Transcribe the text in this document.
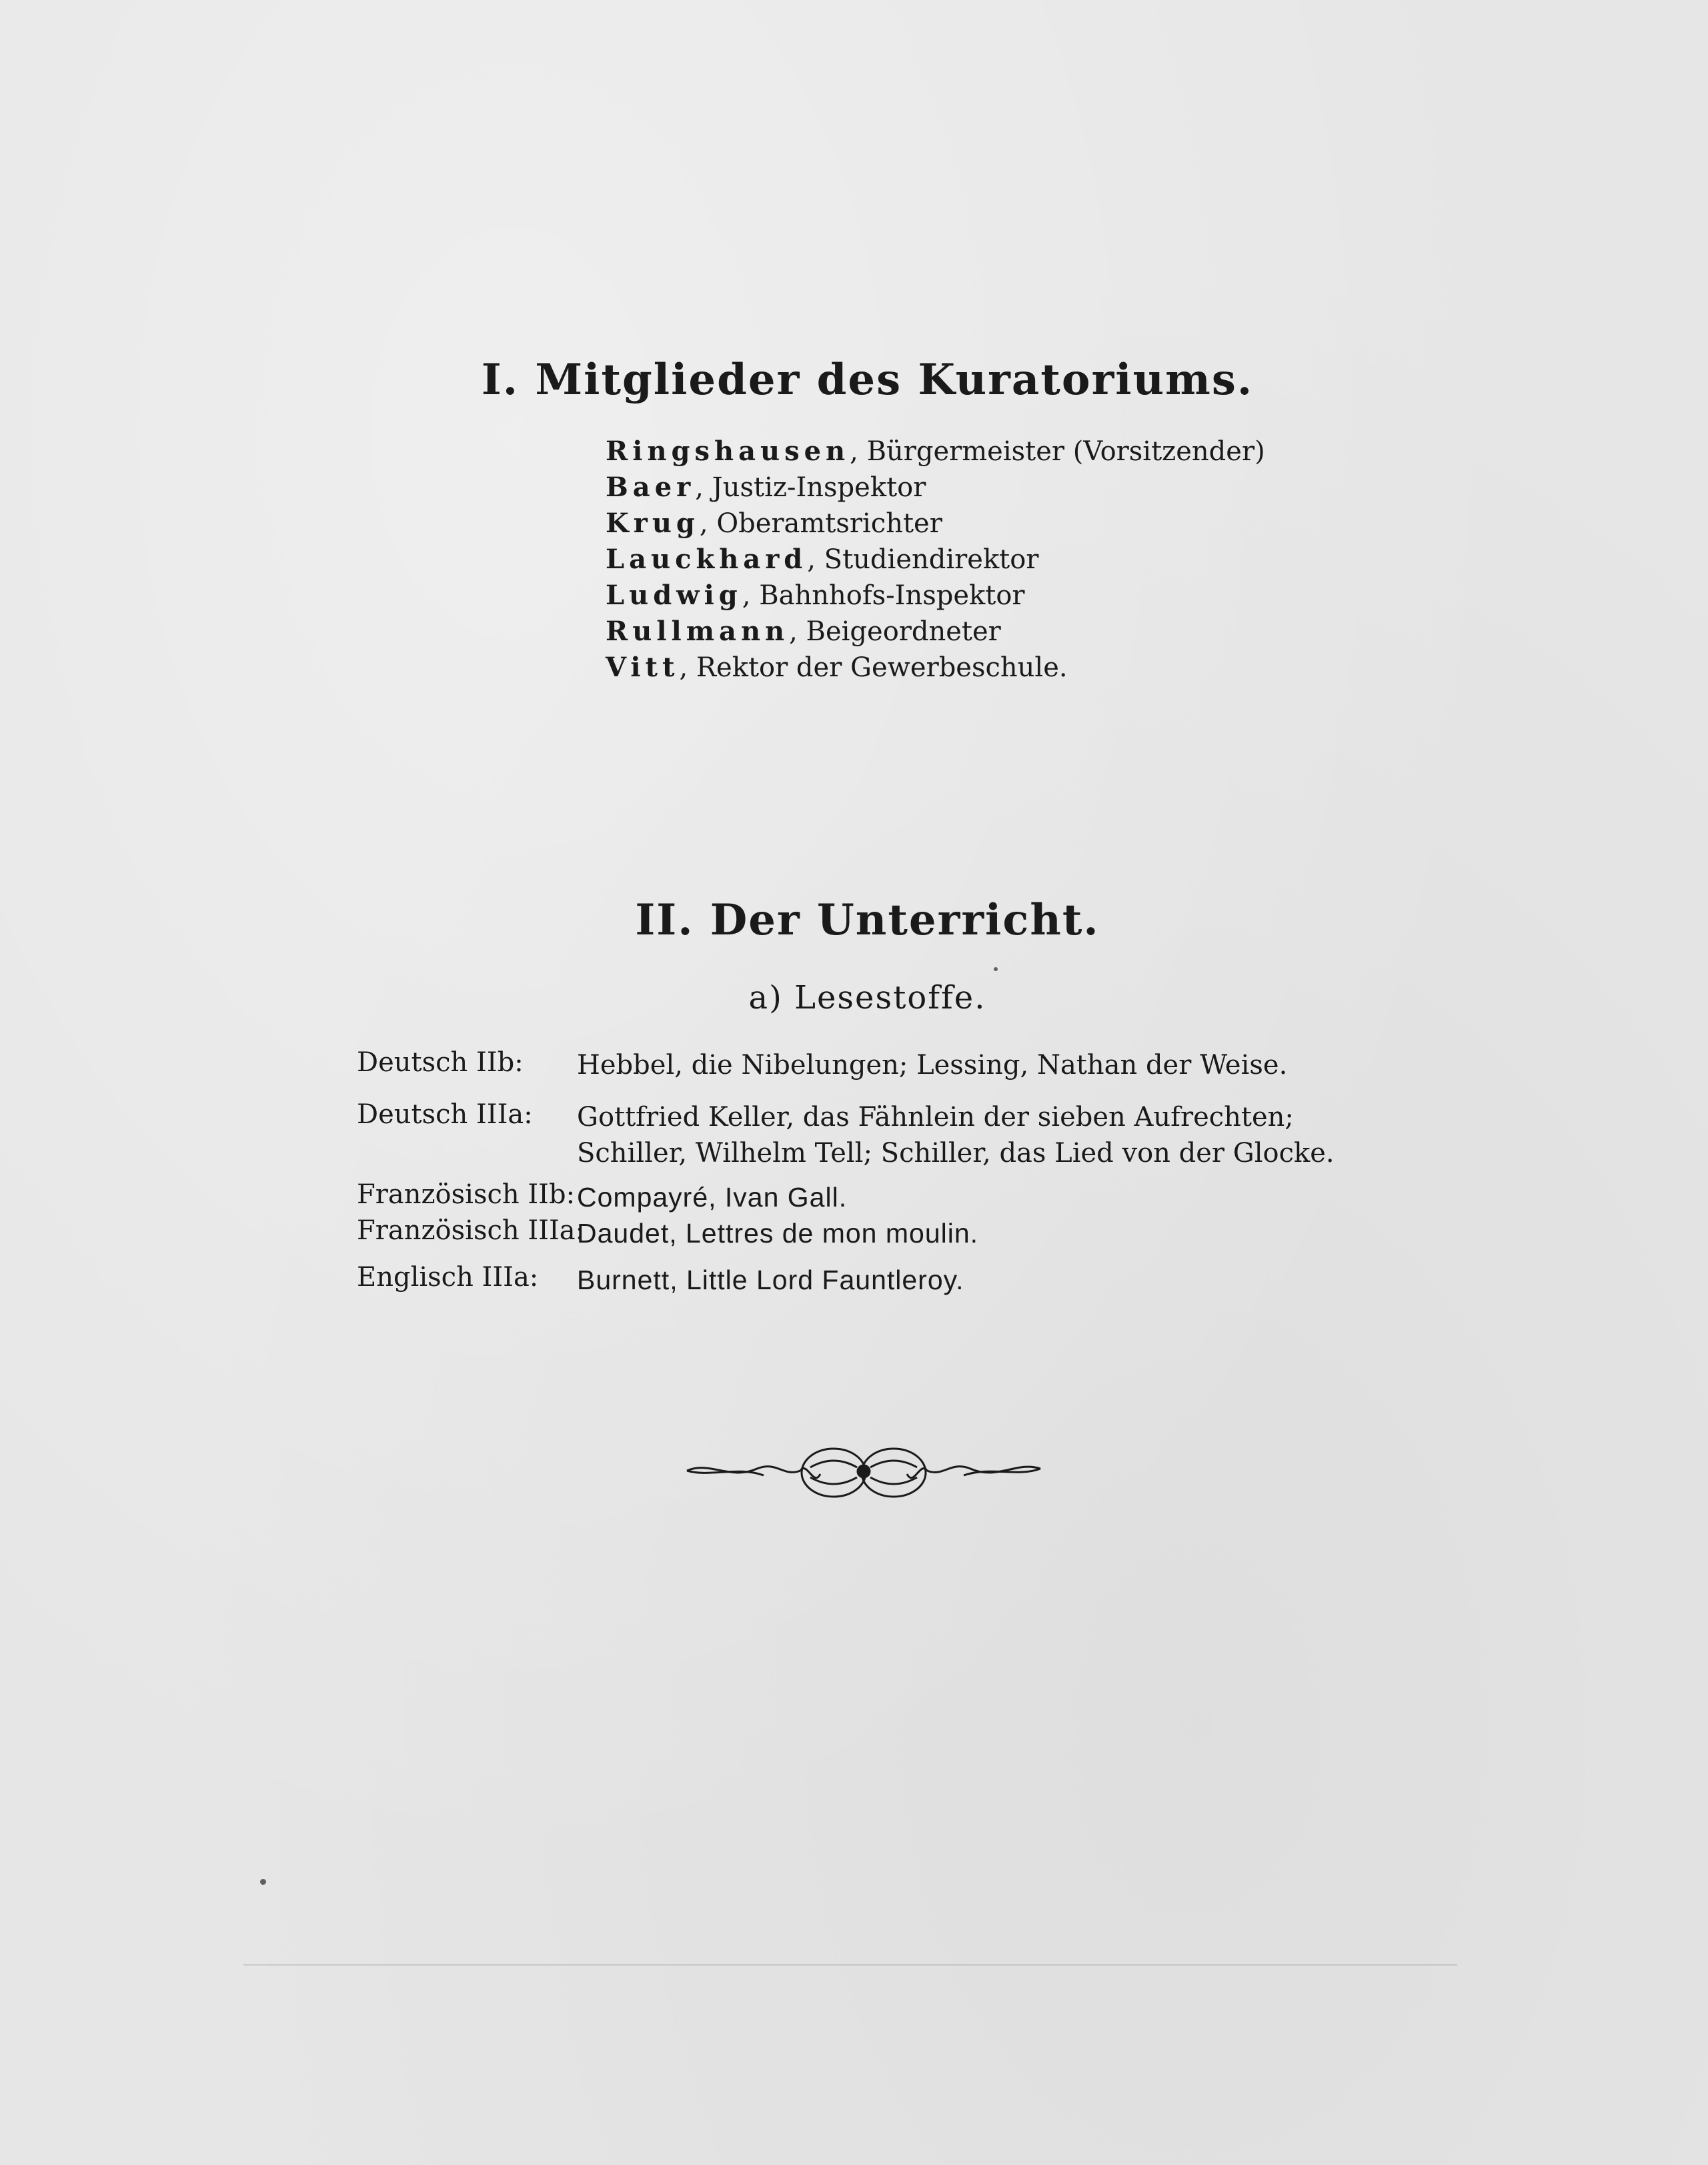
I. Mitglieder des Kuratoriums.
Ringshausen, Bürgermeister (Vorsitzender)
Baer, Justiz-Inspektor
Krug, Oberamtsrichter
Lauckhard, Studiendirektor
Ludwig, Bahnhofs-Inspektor
Rullmann, Beigeordneter
Vitt, Rektor der Gewerbeschule.
II. Der Unterricht.
a) Lesestoffe.
Deutsch IIb: Hebbel, die Nibelungen; Lessing, Nathan der Weise.
Deutsch IIIa: Gottfried Keller, das Fähnlein der sieben Aufrechten;
Schiller, Wilhelm Tell; Schiller, das Lied von der Glocke.
Französisch IIb: Compayré, Ivan Gall.
Französisch IIIa:
Daudet, Lettres de mon moulin.
Englisch IIIa: Burnett, Little Lord Fauntleroy.
